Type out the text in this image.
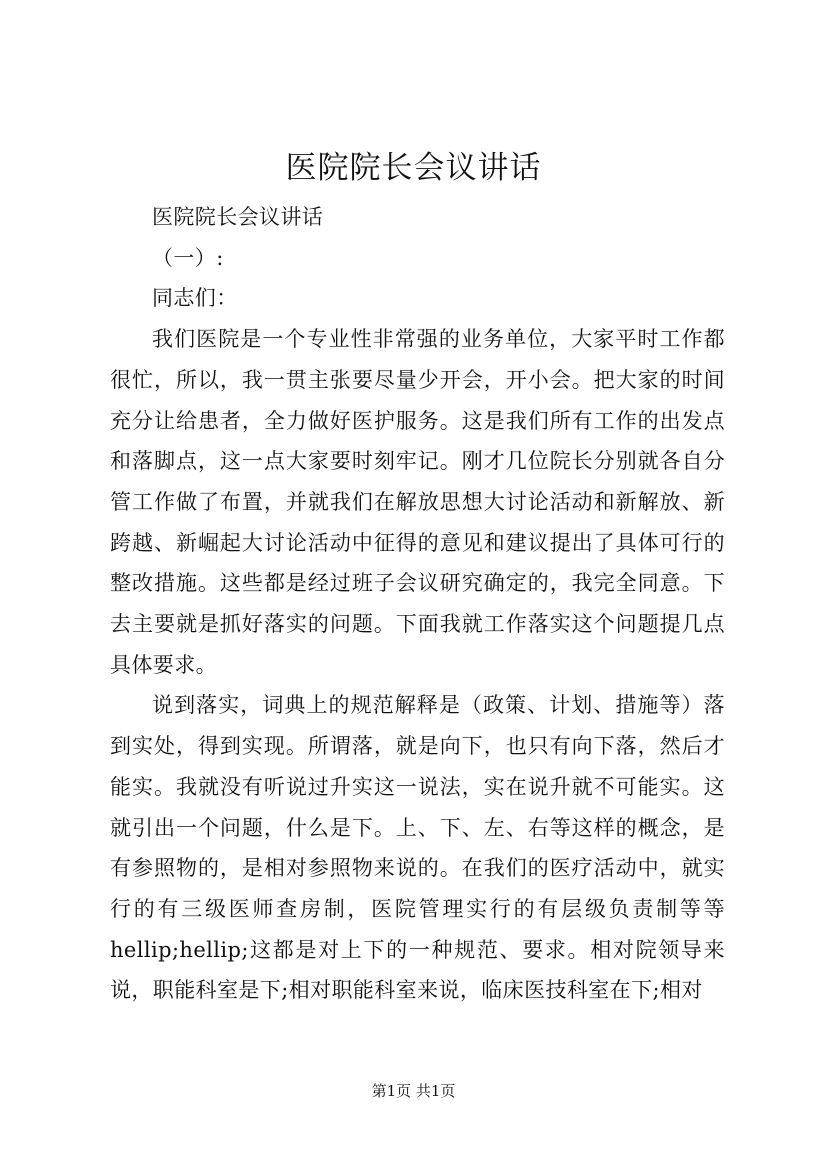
医院院长会议讲话

医院院长会议讲话

（一）:

同志们：

我们医院是一个专业性非常强的业务单位，大家平时工作都很忙，所以，我一贯主张要尽量少开会，开小会。把大家的时间充分让给患者，全力做好医护服务。这是我们所有工作的出发点和落脚点，这一点大家要时刻牢记。刚才几位院长分别就各自分管工作做了布置，并就我们在解放思想大讨论活动和新解放、新跨越、新崛起大讨论活动中征得的意见和建议提出了具体可行的整改措施。这些都是经过班子会议研究确定的，我完全同意。下去主要就是抓好落实的问题。下面我就工作落实这个问题提几点具体要求。

说到落实，词典上的规范解释是（政策、计划、措施等）落到实处，得到实现。所谓落，就是向下，也只有向下落，然后才能实。我就没有听说过升实这一说法，实在说升就不可能实。这就引出一个问题，什么是下。上、下、左、右等这样的概念，是有参照物的，是相对参照物来说的。在我们的医疗活动中，就实行的有三级医师查房制，医院管理实行的有层级负责制等等hellip;hellip;这都是对上下的一种规范、要求。相对院领导来说，职能科室是下;相对职能科室来说，临床医技科室在下;相对

第1页 共1页
